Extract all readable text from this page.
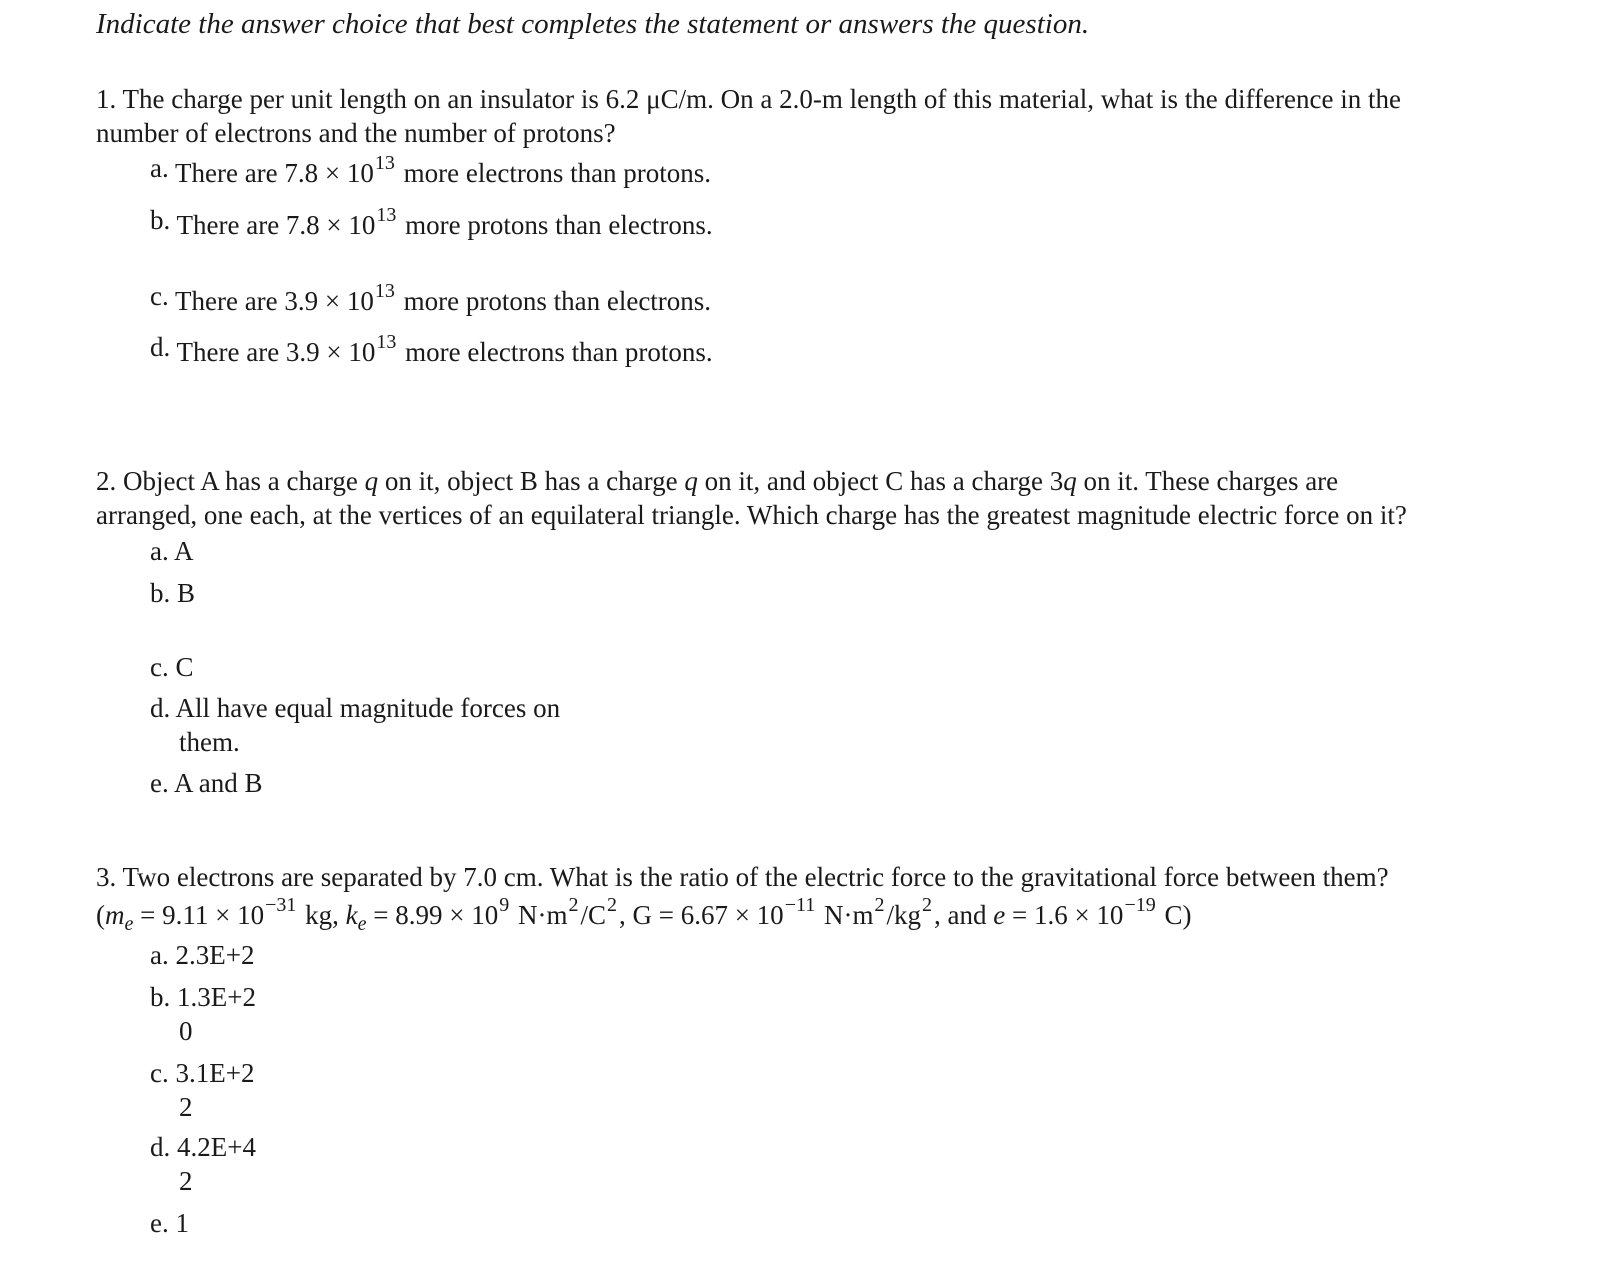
Indicate the answer choice that best completes the statement or answers the question.
1. The charge per unit length on an insulator is 6.2 μC/m. On a 2.0-m length of this material, what is the difference in the
number of electrons and the number of protons?
a. There are $7.8 \times 10^{13}$ more electrons than protons.
b. There are $7.8 \times 10^{13}$ more protons than electrons.
c. There are $3.9 \times 10^{13}$ more protons than electrons.
d. There are $3.9 \times 10^{13}$ more electrons than protons.
2. Object A has a charge q on it, object B has a charge q on it, and object C has a charge 3q on it. These charges are
arranged, one each, at the vertices of an equilateral triangle. Which charge has the greatest magnitude electric force on it?
a. A
b. B
c. C
d. All have equal magnitude forces on
them.
e. A and B
3. Two electrons are separated by 7.0 cm. What is the ratio of the electric force to the gravitational force between them?
($m_e = 9.11 \times 10^{-31}$ kg, $k_e = 8.99 \times 10^9$ $N\cdot m^2/C^2$, $G = 6.67 \times 10^{-11}$ $N\cdot m^2/kg^2$, and $e = 1.6 \times 10^{-19}$ C)
a. 2.3E+2
b. 1.3E+2
0
c. 3.1E+2
2
d. 4.2E+4
2
e. 1
